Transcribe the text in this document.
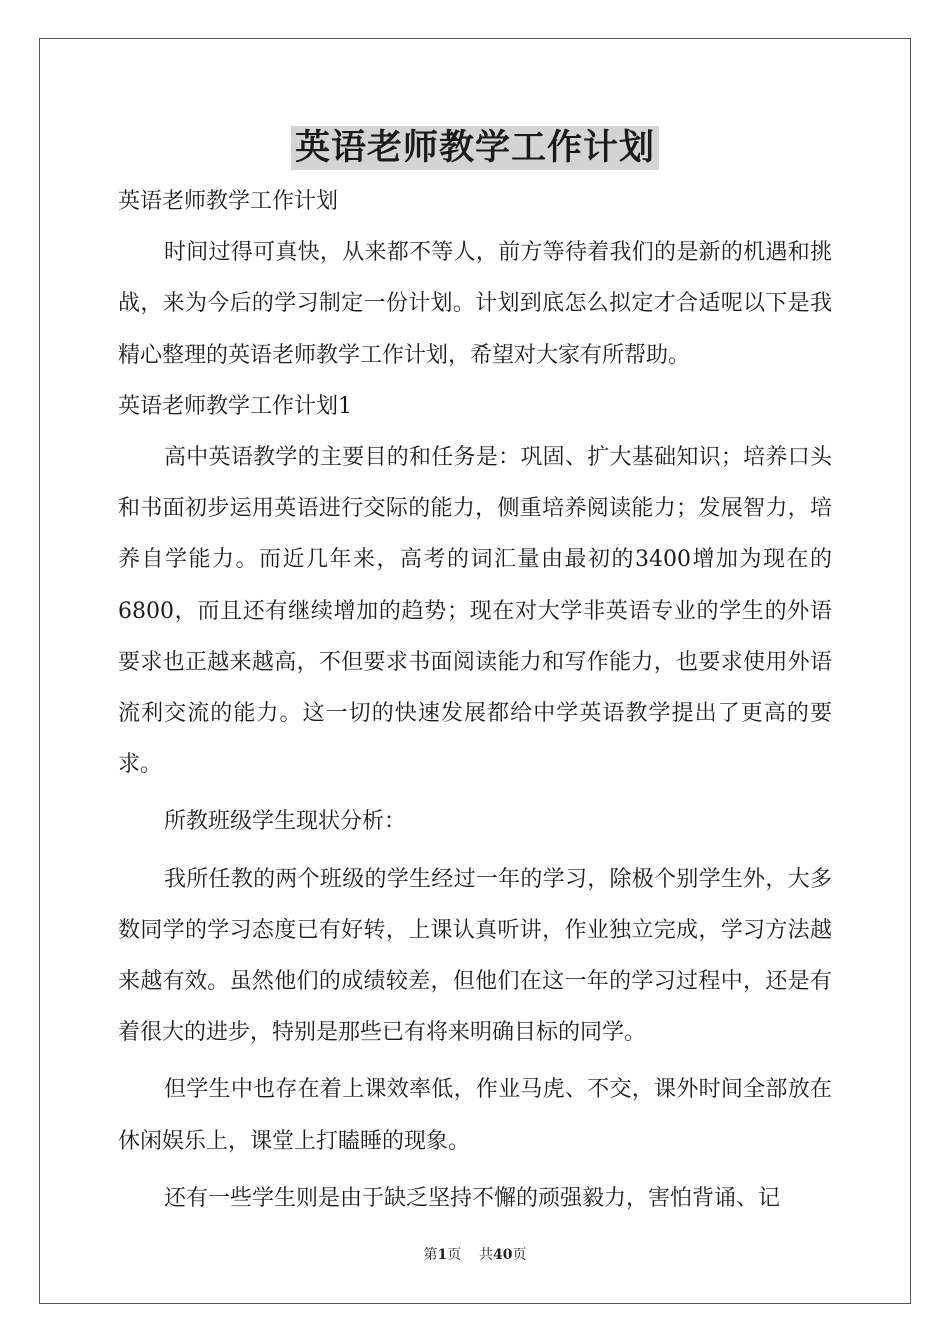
英语老师教学工作计划

英语老师教学工作计划

时间过得可真快，从来都不等人，前方等待着我们的是新的机遇和挑战，来为今后的学习制定一份计划。计划到底怎么拟定才合适呢以下是我精心整理的英语老师教学工作计划，希望对大家有所帮助。

英语老师教学工作计划1

高中英语教学的主要目的和任务是：巩固、扩大基础知识；培养口头和书面初步运用英语进行交际的能力，侧重培养阅读能力；发展智力，培养自学能力。而近几年来，高考的词汇量由最初的3400增加为现在的6800，而且还有继续增加的趋势；现在对大学非英语专业的学生的外语要求也正越来越高，不但要求书面阅读能力和写作能力，也要求使用外语流利交流的能力。这一切的快速发展都给中学英语教学提出了更高的要求。

所教班级学生现状分析：

我所任教的两个班级的学生经过一年的学习，除极个别学生外，大多数同学的学习态度已有好转，上课认真听讲，作业独立完成，学习方法越来越有效。虽然他们的成绩较差，但他们在这一年的学习过程中，还是有着很大的进步，特别是那些已有将来明确目标的同学。

但学生中也存在着上课效率低，作业马虎、不交，课外时间全部放在休闲娱乐上，课堂上打瞌睡的现象。

还有一些学生则是由于缺乏坚持不懈的顽强毅力，害怕背诵、记

第1页 共40页
